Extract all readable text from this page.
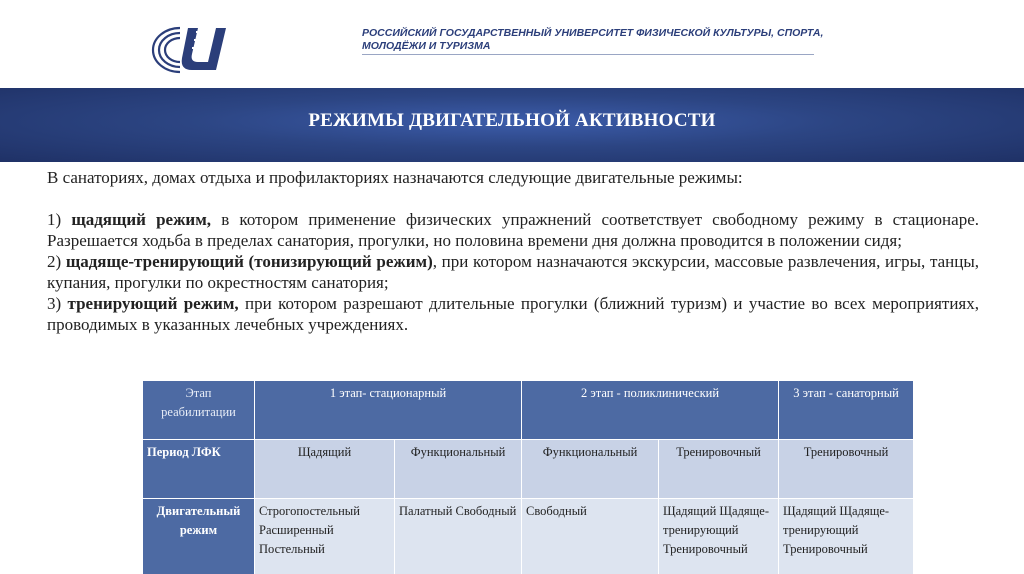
РОССИЙСКИЙ ГОСУДАРСТВЕННЫЙ УНИВЕРСИТЕТ ФИЗИЧЕСКОЙ КУЛЬТУРЫ, СПОРТА, МОЛОДЁЖИ И ТУРИЗМА
РЕЖИМЫ ДВИГАТЕЛЬНОЙ АКТИВНОСТИ

В санаториях, домах отдыха и профилакториях назначаются следующие двигательные режимы:

1) щадящий режим, в котором применение физических упражнений соответствует свободному режиму в стационаре. Разрешается ходьба в пределах санатория, прогулки, но половина времени дня должна проводится в положении сидя;

2) щадяще-тренирующий (тонизирующий режим), при котором назначаются экскурсии, массовые развлечения, игры, танцы, купания, прогулки по окрестностям санатория;

3) тренирующий режим, при котором разрешают длительные прогулки (ближний туризм) и участие во всех мероприятиях, проводимых в указанных лечебных учреждениях.

Этап реабилитации	1 этап- стационарный		2 этап - поликлинический		3 этап - санаторный
Период ЛФК	Щадящий	Функциональный	Функциональный	Тренировочный	Тренировочный
Двигательный режим	Строгопостельный Расширенный Постельный	Палатный Свободный	Свободный	Щадящий Щадяще-тренирующий Тренировочный	Щадящий Щадяще-тренирующий Тренировочный
